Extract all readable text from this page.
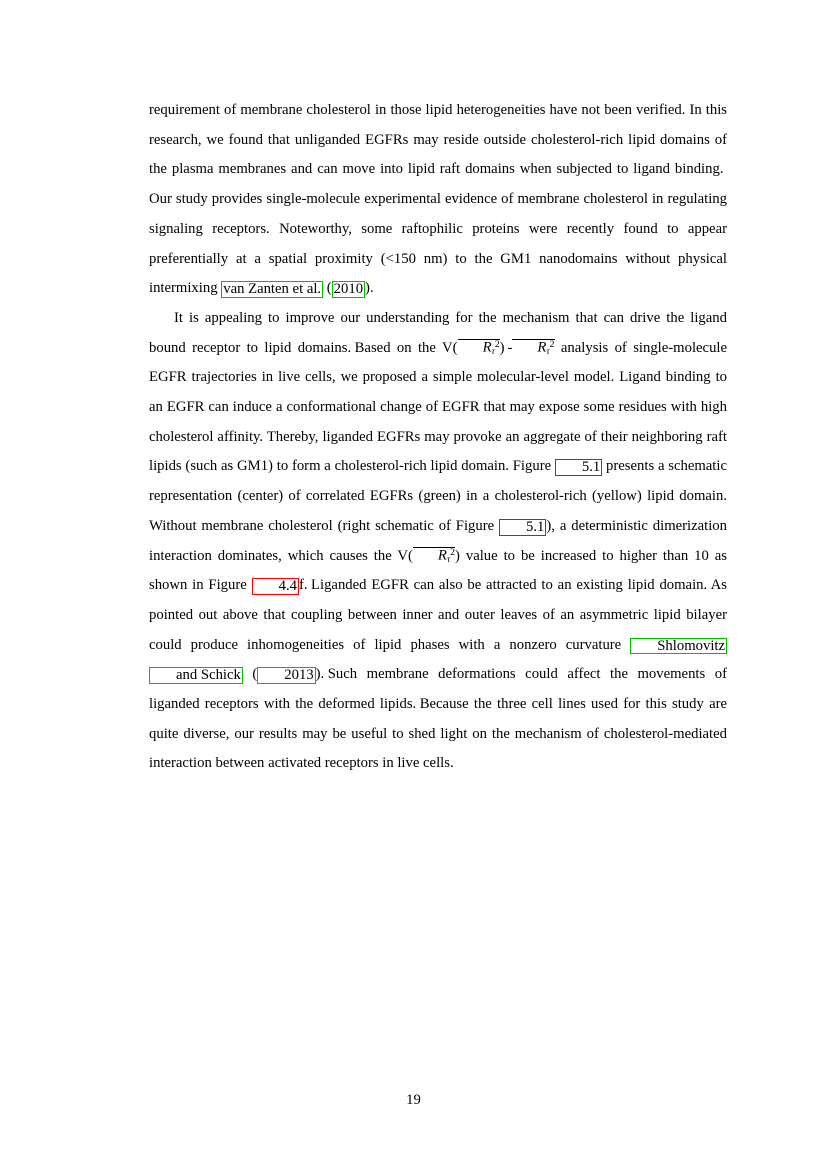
requirement of membrane cholesterol in those lipid heterogeneities have not been verified. In this research, we found that unliganded EGFRs may reside outside cholesterol-rich lipid domains of the plasma membranes and can move into lipid raft domains when subjected to ligand binding.Our study provides single-molecule experimental evidence of membrane cholesterol in regulating signaling receptors. Noteworthy, some raftophilic proteins were recently found to appear preferentially at a spatial proximity (<150 nm) to the GM1 nanodomains without physical intermixing van Zanten et al. ( 2010 ).

It is appealing to improve our understanding for the mechanism that can drive the ligand bound receptor to lipid domains. Based on the V( $R_\tau^2) - R_\tau^2$ analysis of single-molecule EGFR trajectories in live cells, we proposed a simple molecular-level model. Ligand binding to an EGFR can induce a conformational change of EGFR that may expose some residues with high cholesterol affinity. Thereby, liganded EGFRs may provoke an aggregate of their neighboring raft lipids (such as GM1) to form a cholesterol-rich lipid domain. Figure 5.1 presents a schematic representation (center) of correlated EGFRs (green) in a cholesterol-rich (yellow) lipid domain. Without membrane cholesterol (right schematic of Figure 5.1 ), a deterministic dimerization interaction dominates, which causes the V( $R_\tau^2$) value to be increased to higher than 10 as shown in Figure 4.4 f. Liganded EGFR can also be attracted to an existing lipid domain. As pointed out above that coupling between inner and outer leaves of an asymmetric lipid bilayer could produce inhomogeneities of lipid phases with a nonzero curvature Shlomovitz and Schick ( 2013 ). Such membrane deformations could affect the movements of liganded receptors with the deformed lipids. Because the three cell lines used for this study are quite diverse, our results may be useful to shed light on the mechanism of cholesterol-mediated interaction between activated receptors in live cells.

19
